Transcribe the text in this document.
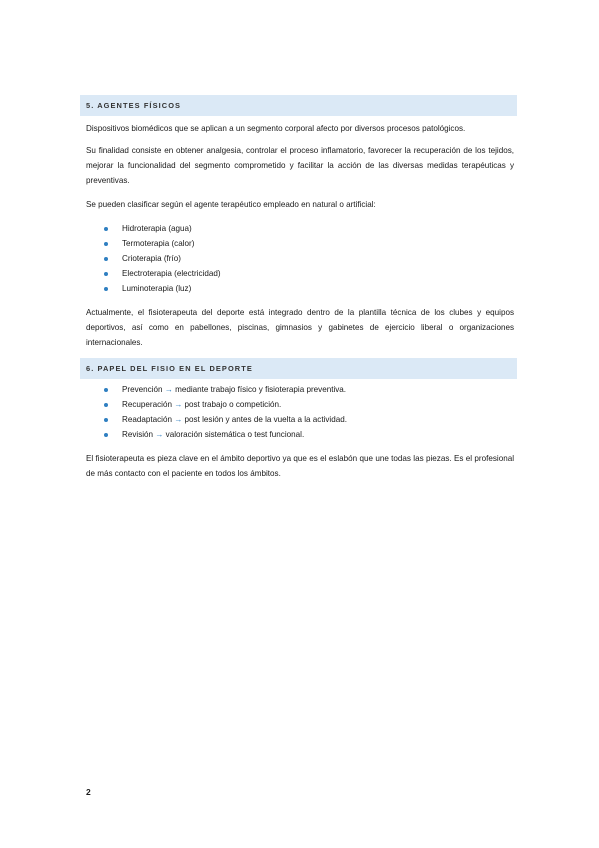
5. AGENTES FÍSICOS

Dispositivos biomédicos que se aplican a un segmento corporal afecto por diversos procesos patológicos.

Su finalidad consiste en obtener analgesia, controlar el proceso inflamatorio, favorecer la recuperación de los tejidos, mejorar la funcionalidad del segmento comprometido y facilitar la acción de las diversas medidas terapéuticas y preventivas.

Se pueden clasificar según el agente terapéutico empleado en natural o artificial:

Hidroterapia (agua)
Termoterapia (calor)
Crioterapia (frío)
Electroterapia (electricidad)
Luminoterapia (luz)

Actualmente, el fisioterapeuta del deporte está integrado dentro de la plantilla técnica de los clubes y equipos deportivos, así como en pabellones, piscinas, gimnasios y gabinetes de ejercicio liberal o organizaciones internacionales.

6. PAPEL DEL FISIO EN EL DEPORTE
Prevención → mediante trabajo físico y fisioterapia preventiva.
Recuperación → post trabajo o competición.
Readaptación → post lesión y antes de la vuelta a la actividad.
Revisión → valoración sistemática o test funcional.

El fisioterapeuta es pieza clave en el ámbito deportivo ya que es el eslabón que une todas las piezas. Es el profesional de más contacto con el paciente en todos los ámbitos.

2
